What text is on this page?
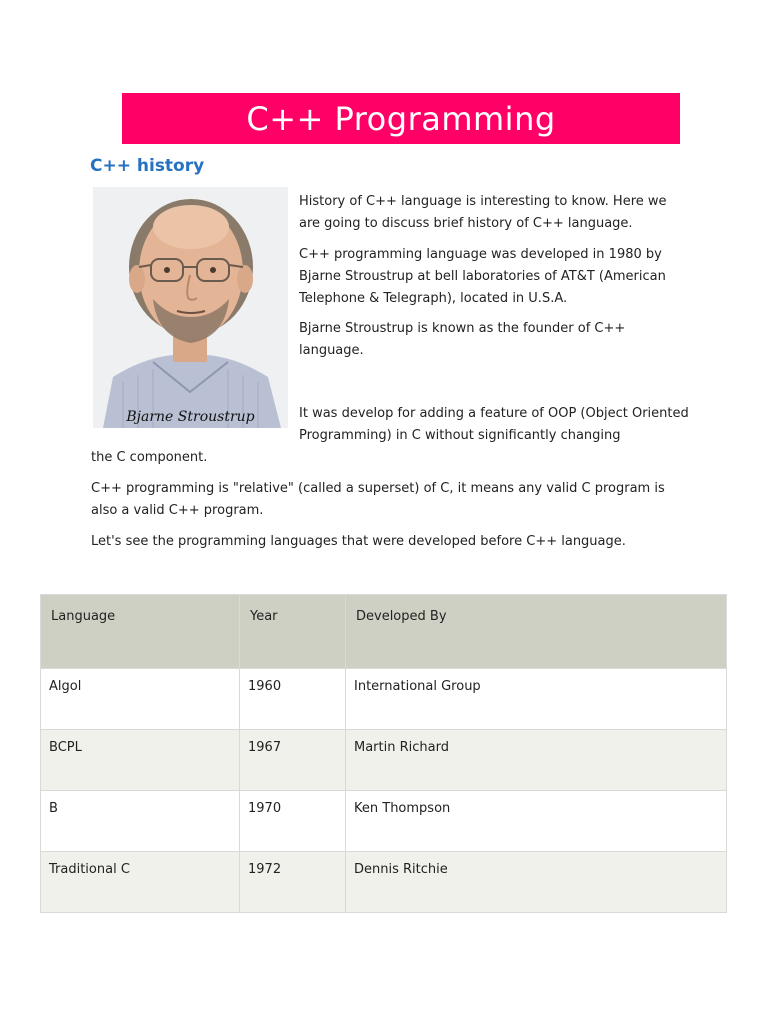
C++ Programming
C++ history
Bjarne Stroustrup

History of C++ language is interesting to know. Here we are going to discuss brief history of C++ language.

C++ programming language was developed in 1980 by Bjarne Stroustrup at bell laboratories of AT&T (American Telephone & Telegraph), located in U.S.A.

Bjarne Stroustrup is known as the founder of C++ language.

It was develop for adding a feature of OOP (Object Oriented Programming) in C without significantly changing

the C component.

C++ programming is "relative" (called a superset) of C, it means any valid C program is also a valid C++ program.

Let's see the programming languages that were developed before C++ language.

Language	Year	Developed By
Algol	1960	International Group
BCPL	1967	Martin Richard
B	1970	Ken Thompson
Traditional C	1972	Dennis Ritchie
